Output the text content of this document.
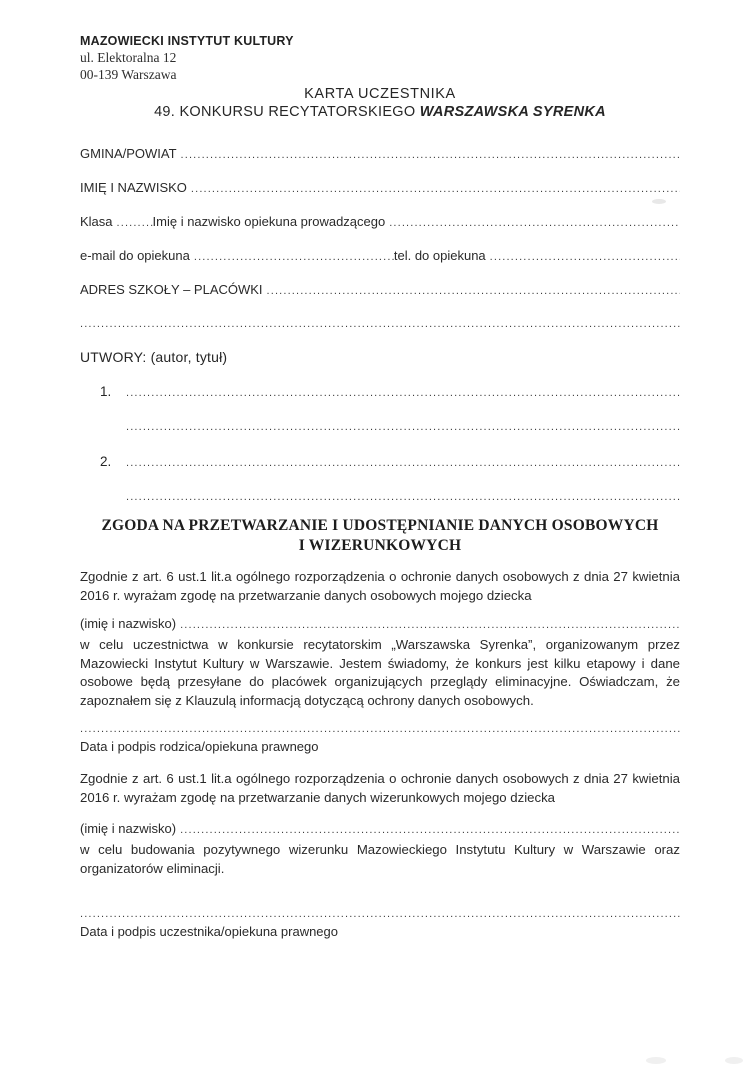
MAZOWIECKI INSTYTUT KULTURY
ul. Elektoralna 12
00-139 Warszawa
KARTA UCZESTNIKA
49. KONKURSU RECYTATORSKIEGO WARSZAWSKA SYRENKA
GMINA/POWIAT
.....
IMIĘ I NAZWISKO
.....
Klasa .....	Imię i nazwisko opiekuna prowadzącego
.....
e-mail do opiekuna .....	tel. do opiekuna
.....
ADRES SZKOŁY – PLACÓWKI
.....
.....
UTWORY: (autor, tytuł)
1.
.....
.....
2.
.....
.....
ZGODA NA PRZETWARZANIE I UDOSTĘPNIANIE DANYCH OSOBOWYCH
I WIZERUNKOWYCH
Zgodnie z art. 6 ust.1 lit.a ogólnego rozporządzenia o ochronie danych osobowych z dnia 27 kwietnia 2016 r. wyrażam zgodę na przetwarzanie danych osobowych mojego dziecka
(imię i nazwisko)
.....
w celu uczestnictwa w konkursie recytatorskim „Warszawska Syrenka”, organizowanym przez Mazowiecki Instytut Kultury w Warszawie. Jestem świadomy, że konkurs jest kilku etapowy i dane osobowe będą przesyłane do placówek organizujących przeglądy eliminacyjne. Oświadczam, że zapoznałem się z Klauzulą informacją dotyczącą ochrony danych osobowych.
.....
Data i podpis rodzica/opiekuna prawnego
Zgodnie z art. 6 ust.1 lit.a ogólnego rozporządzenia o ochronie danych osobowych z dnia 27 kwietnia 2016 r. wyrażam zgodę na przetwarzanie danych wizerunkowych mojego dziecka
(imię i nazwisko)
.....
w celu budowania pozytywnego wizerunku Mazowieckiego Instytutu Kultury w Warszawie oraz organizatorów eliminacji.
.....
Data i podpis uczestnika/opiekuna prawnego
